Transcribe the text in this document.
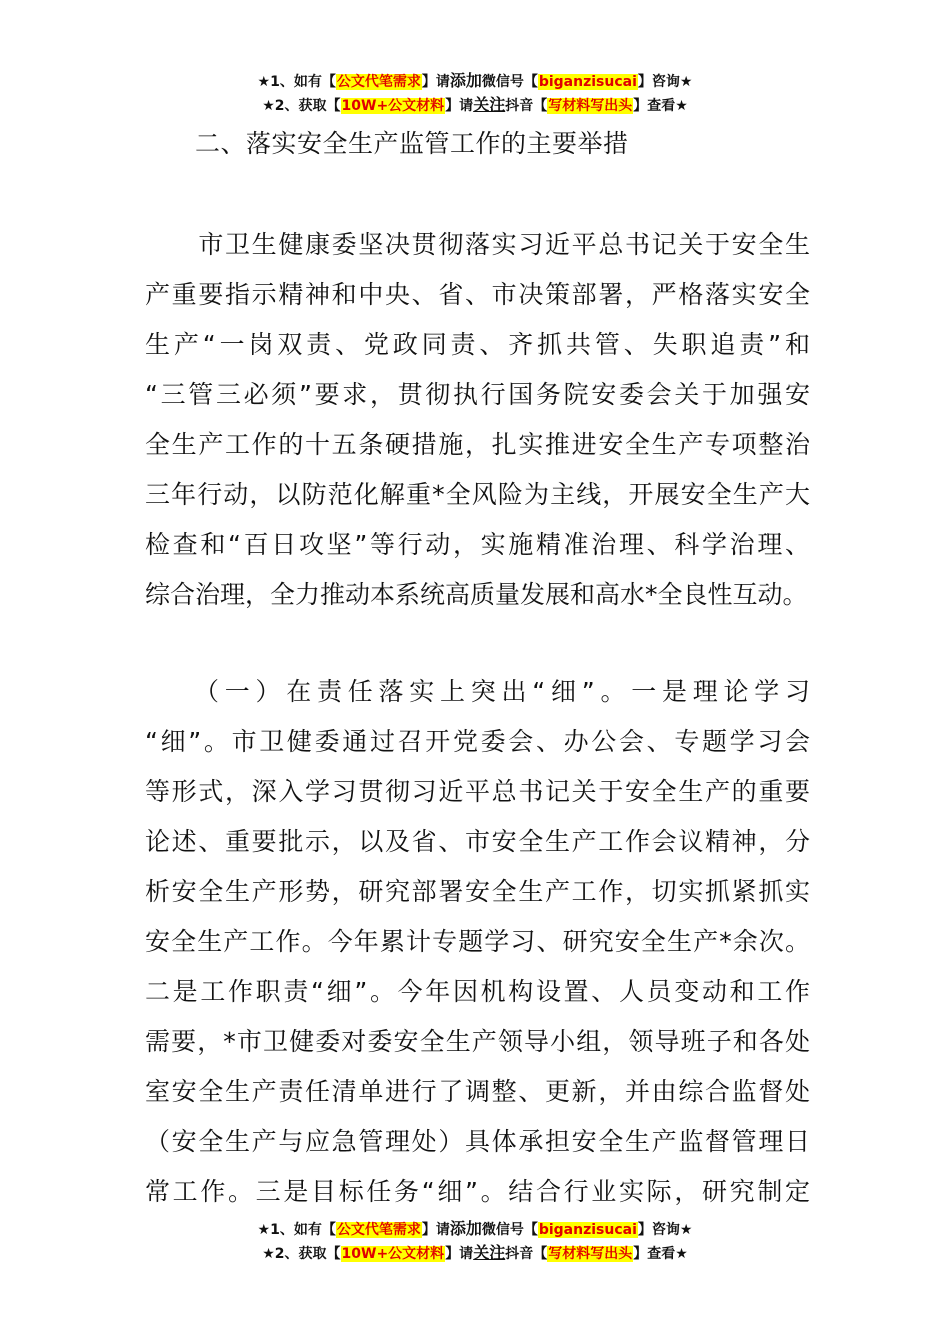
★1、如有【公文代笔需求】请添加微信号【biganzisucai】咨询★
★2、获取【10W+公文材料】请关注抖音【写材料写出头】查看★
二、落实安全生产监管工作的主要举措
　　市卫生健康委坚决贯彻落实习近平总书记关于安全生
产重要指示精神和中央、省、市决策部署，严格落实安全
生产“一岗双责、党政同责、齐抓共管、失职追责”和
“三管三必须”要求，贯彻执行国务院安委会关于加强安
全生产工作的十五条硬措施，扎实推进安全生产专项整治
三年行动，以防范化解重*全风险为主线，开展安全生产大
检查和“百日攻坚”等行动，实施精准治理、科学治理、
综合治理，全力推动本系统高质量发展和高水*全良性互动。
　　（一）在责任落实上突出“细”。一是理论学习
“细”。市卫健委通过召开党委会、办公会、专题学习会
等形式，深入学习贯彻习近平总书记关于安全生产的重要
论述、重要批示，以及省、市安全生产工作会议精神，分
析安全生产形势，研究部署安全生产工作，切实抓紧抓实
安全生产工作。今年累计专题学习、研究安全生产*余次。
二是工作职责“细”。今年因机构设置、人员变动和工作
需要，*市卫健委对委安全生产领导小组，领导班子和各处
室安全生产责任清单进行了调整、更新，并由综合监督处
（安全生产与应急管理处）具体承担安全生产监督管理日
常工作。三是目标任务“细”。结合行业实际，研究制定
★1、如有【公文代笔需求】请添加微信号【biganzisucai】咨询★
★2、获取【10W+公文材料】请关注抖音【写材料写出头】查看★
